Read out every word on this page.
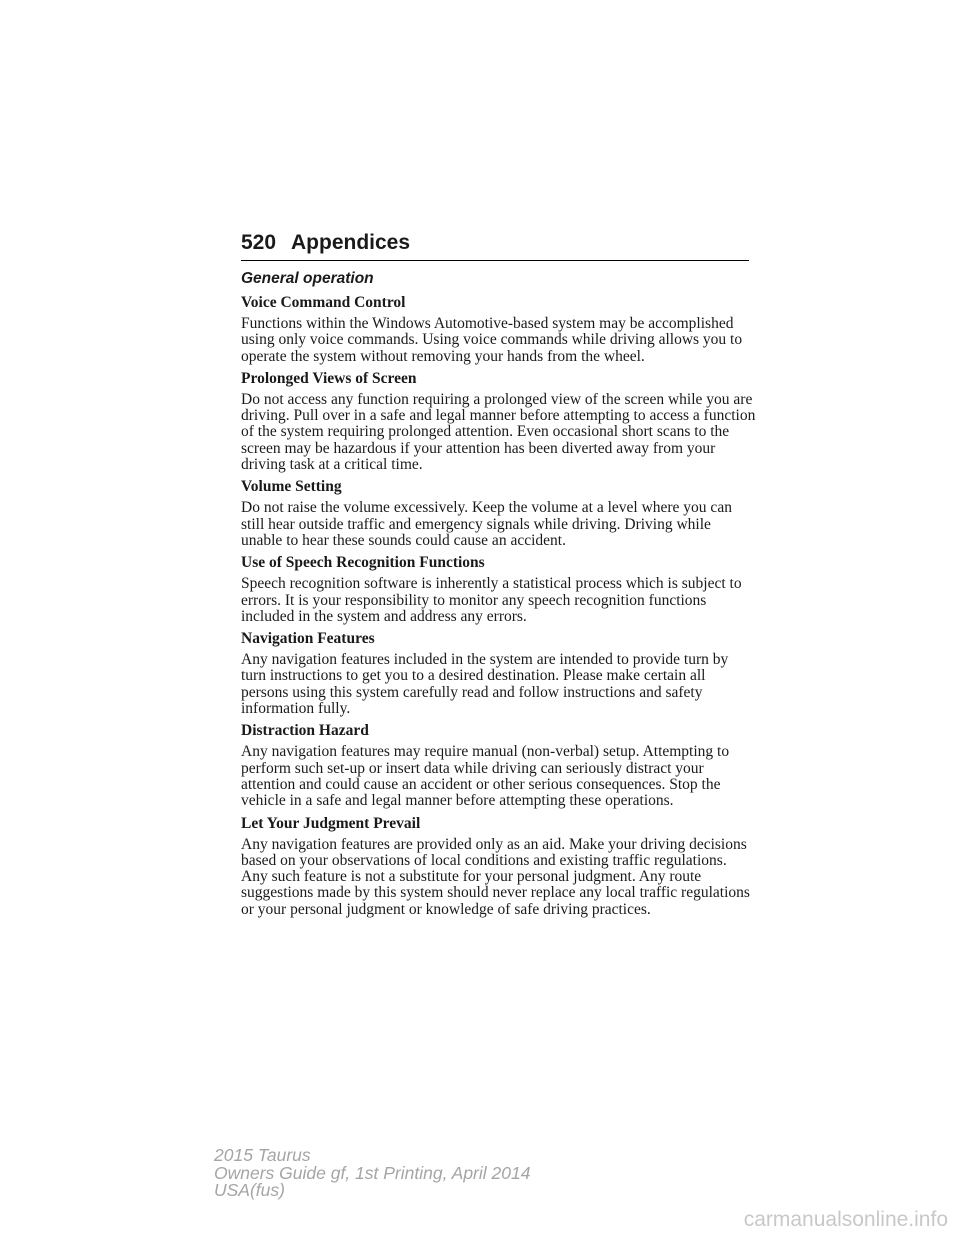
520 Appendices
General operation
Voice Command Control
Functions within the Windows Automotive-based system may be accomplished using only voice commands. Using voice commands while driving allows you to operate the system without removing your hands from the wheel.
Prolonged Views of Screen
Do not access any function requiring a prolonged view of the screen while you are driving. Pull over in a safe and legal manner before attempting to access a function of the system requiring prolonged attention. Even occasional short scans to the screen may be hazardous if your attention has been diverted away from your driving task at a critical time.
Volume Setting
Do not raise the volume excessively. Keep the volume at a level where you can still hear outside traffic and emergency signals while driving. Driving while unable to hear these sounds could cause an accident.
Use of Speech Recognition Functions
Speech recognition software is inherently a statistical process which is subject to errors. It is your responsibility to monitor any speech recognition functions included in the system and address any errors.
Navigation Features
Any navigation features included in the system are intended to provide turn by turn instructions to get you to a desired destination. Please make certain all persons using this system carefully read and follow instructions and safety information fully.
Distraction Hazard
Any navigation features may require manual (non-verbal) setup. Attempting to perform such set-up or insert data while driving can seriously distract your attention and could cause an accident or other serious consequences. Stop the vehicle in a safe and legal manner before attempting these operations.
Let Your Judgment Prevail
Any navigation features are provided only as an aid. Make your driving decisions based on your observations of local conditions and existing traffic regulations. Any such feature is not a substitute for your personal judgment. Any route suggestions made by this system should never replace any local traffic regulations or your personal judgment or knowledge of safe driving practices.
2015 Taurus
Owners Guide gf, 1st Printing, April 2014
USA(fus)
carmanualsonline.info
